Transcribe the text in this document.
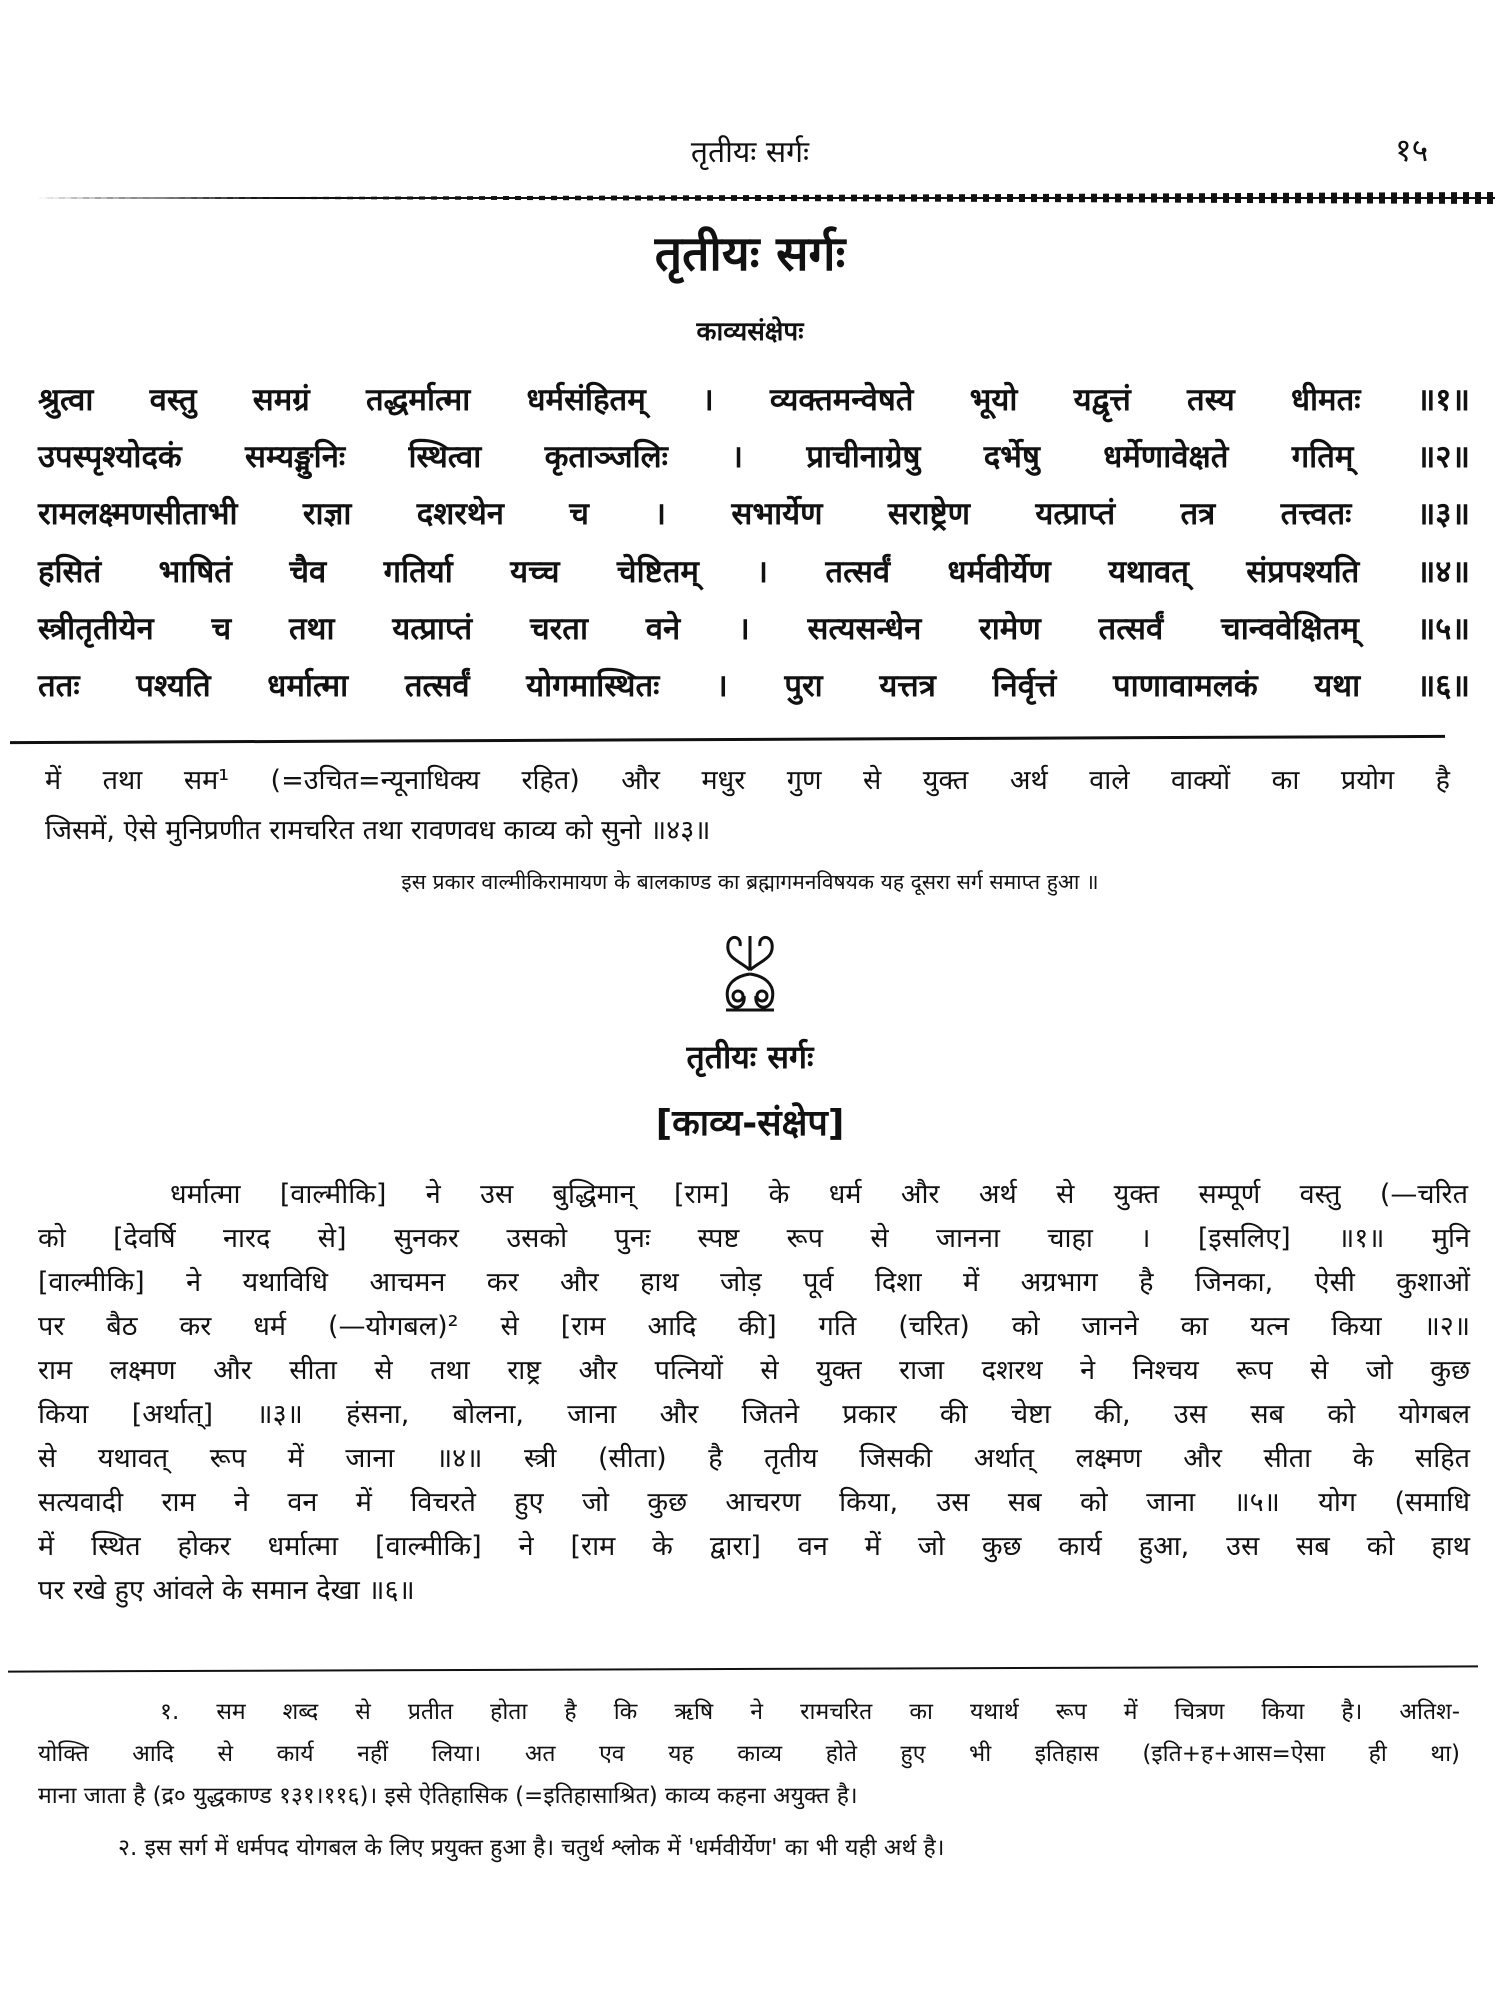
तृतीयः सर्गः	१५
तृतीयः सर्गः
काव्यसंक्षेपः
श्रुत्वा वस्तु समग्रं तद्धर्मात्मा धर्मसंहितम् । व्यक्तमन्वेषते भूयो यद्वृत्तं तस्य धीमतः ॥१॥
उपस्पृश्योदकं सम्यङ्मुनिः स्थित्वा कृताञ्जलिः । प्राचीनाग्रेषु दर्भेषु धर्मेणावेक्षते गतिम् ॥२॥
रामलक्ष्मणसीताभी राज्ञा दशरथेन च । सभार्येण सराष्ट्रेण यत्प्राप्तं तत्र तत्त्वतः ॥३॥
हसितं भाषितं चैव गतिर्या यच्च चेष्टितम् । तत्सर्वं धर्मवीर्येण यथावत् संप्रपश्यति ॥४॥
स्त्रीतृतीयेन च तथा यत्प्राप्तं चरता वने । सत्यसन्धेन रामेण तत्सर्वं चान्ववेक्षितम् ॥५॥
ततः पश्यति धर्मात्मा तत्सर्वं योगमास्थितः । पुरा यत्तत्र निर्वृत्तं पाणावामलकं यथा ॥६॥
में तथा सम¹ (=उचित=न्यूनाधिक्य रहित) और मधुर गुण से युक्त अर्थ वाले वाक्यों का प्रयोग है
जिसमें, ऐसे मुनिप्रणीत रामचरित तथा रावणवध काव्य को सुनो ॥४३॥
इस प्रकार वाल्मीकिरामायण के बालकाण्ड का ब्रह्मागमनविषयक यह दूसरा सर्ग समाप्त हुआ ॥
तृतीयः सर्गः
[काव्य-संक्षेप]
धर्मात्मा [वाल्मीकि] ने उस बुद्धिमान् [राम] के धर्म और अर्थ से युक्त सम्पूर्ण वस्तु (—चरित
को [देवर्षि नारद से] सुनकर उसको पुनः स्पष्ट रूप से जानना चाहा । [इसलिए] ॥१॥ मुनि
[वाल्मीकि] ने यथाविधि आचमन कर और हाथ जोड़ पूर्व दिशा में अग्रभाग है जिनका, ऐसी कुशाओं
पर बैठ कर धर्म (—योगबल)² से [राम आदि की] गति (चरित) को जानने का यत्न किया ॥२॥
राम लक्ष्मण और सीता से तथा राष्ट्र और पत्नियों से युक्त राजा दशरथ ने निश्चय रूप से जो कुछ
किया [अर्थात्] ॥३॥ हंसना, बोलना, जाना और जितने प्रकार की चेष्टा की, उस सब को योगबल
से यथावत् रूप में जाना ॥४॥ स्त्री (सीता) है तृतीय जिसकी अर्थात् लक्ष्मण और सीता के सहित
सत्यवादी राम ने वन में विचरते हुए जो कुछ आचरण किया, उस सब को जाना ॥५॥ योग (समाधि
में स्थित होकर धर्मात्मा [वाल्मीकि] ने [राम के द्वारा] वन में जो कुछ कार्य हुआ, उस सब को हाथ
पर रखे हुए आंवले के समान देखा ॥६॥
१. सम शब्द से प्रतीत होता है कि ऋषि ने रामचरित का यथार्थ रूप में चित्रण किया है। अतिश-
योक्ति आदि से कार्य नहीं लिया। अत एव यह काव्य होते हुए भी इतिहास (इति+ह+आस=ऐसा ही था)
माना जाता है (द्र० युद्धकाण्ड १३१।११६)। इसे ऐतिहासिक (=इतिहासाश्रित) काव्य कहना अयुक्त है।
२. इस सर्ग में धर्मपद योगबल के लिए प्रयुक्त हुआ है। चतुर्थ श्लोक में 'धर्मवीर्येण' का भी यही अर्थ है।
